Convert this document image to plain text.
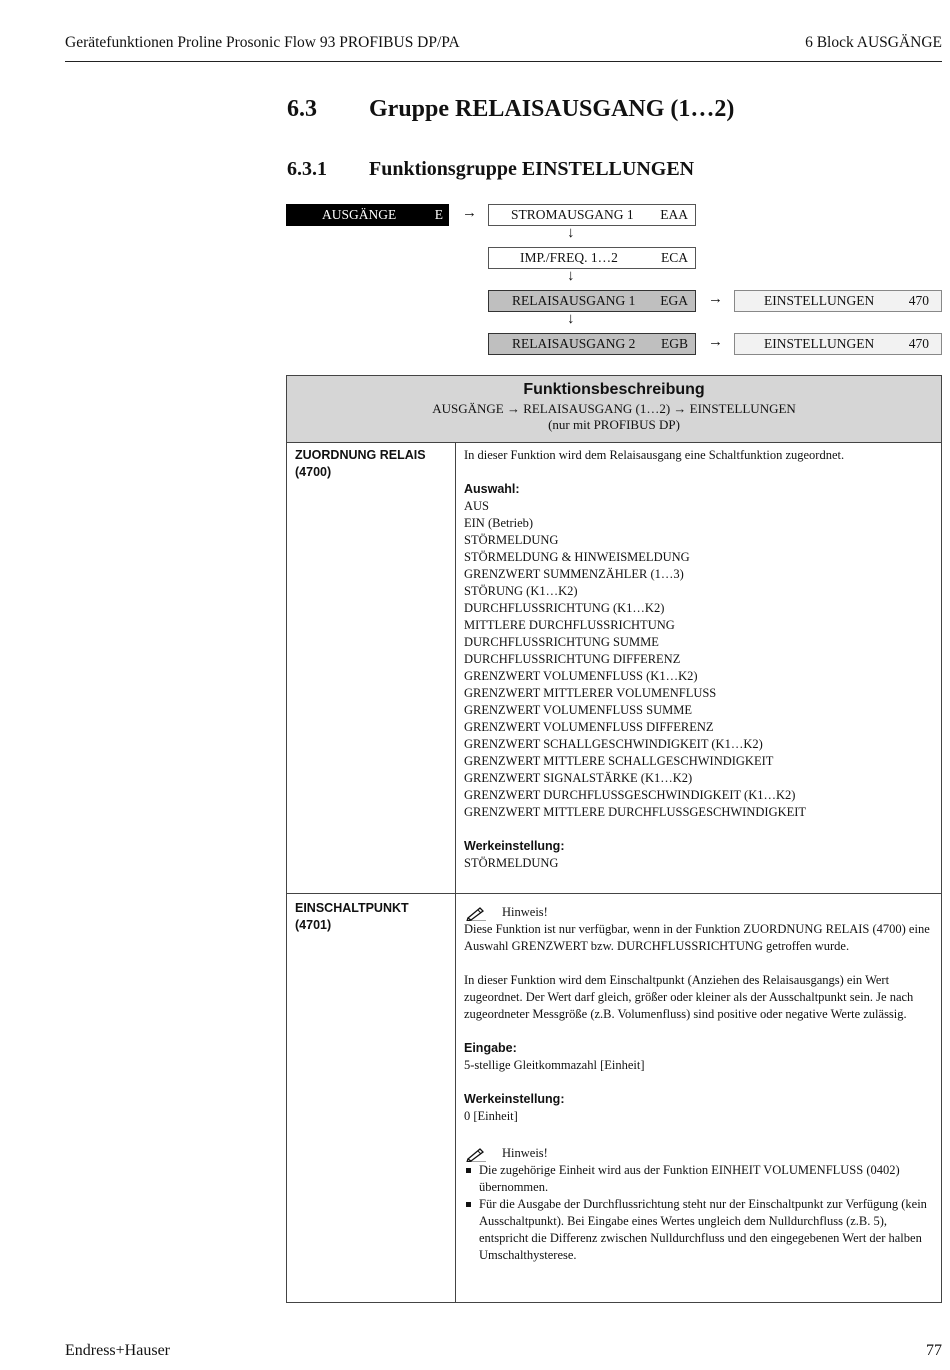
Gerätefunktionen Proline Prosonic Flow 93 PROFIBUS DP/PA	6 Block AUSGÄNGE
6.3 Gruppe RELAISAUSGANG (1…2)
6.3.1 Funktionsgruppe EINSTELLUNGEN
AUSGÄNGE	E →	STROMAUSGANG 1 EAA
↓
IMP./FREQ. 1…2	ECA
↓
RELAISAUSGANG 1 EGA →	EINSTELLUNGEN	470
↓
RELAISAUSGANG 2 EGB →	EINSTELLUNGEN	470
Funktionsbeschreibung
AUSGÄNGE → RELAISAUSGANG (1…2) → EINSTELLUNGEN
(nur mit PROFIBUS DP)
ZUORDNUNG RELAIS
(4700)
In dieser Funktion wird dem Relaisausgang eine Schaltfunktion zugeordnet.
Auswahl:
AUS
EIN (Betrieb)
STÖRMELDUNG
STÖRMELDUNG & HINWEISMELDUNG
GRENZWERT SUMMENZÄHLER (1…3)
STÖRUNG (K1…K2)
DURCHFLUSSRICHTUNG (K1…K2)
MITTLERE DURCHFLUSSRICHTUNG
DURCHFLUSSRICHTUNG SUMME
DURCHFLUSSRICHTUNG DIFFERENZ
GRENZWERT VOLUMENFLUSS (K1…K2)
GRENZWERT MITTLERER VOLUMENFLUSS
GRENZWERT VOLUMENFLUSS SUMME
GRENZWERT VOLUMENFLUSS DIFFERENZ
GRENZWERT SCHALLGESCHWINDIGKEIT (K1…K2)
GRENZWERT MITTLERE SCHALLGESCHWINDIGKEIT
GRENZWERT SIGNALSTÄRKE (K1…K2)
GRENZWERT DURCHFLUSSGESCHWINDIGKEIT (K1…K2)
GRENZWERT MITTLERE DURCHFLUSSGESCHWINDIGKEIT
Werkeinstellung:
STÖRMELDUNG
EINSCHALTPUNKT
(4701)
Hinweis!
Diese Funktion ist nur verfügbar, wenn in der Funktion ZUORDNUNG RELAIS (4700) eine Auswahl GRENZWERT bzw. DURCHFLUSSRICHTUNG getroffen wurde.
In dieser Funktion wird dem Einschaltpunkt (Anziehen des Relaisausgangs) ein Wert zugeordnet. Der Wert darf gleich, größer oder kleiner als der Ausschaltpunkt sein. Je nach zugeordneter Messgröße (z.B. Volumenfluss) sind positive oder negative Werte zulässig.
Eingabe:
5-stellige Gleitkommazahl [Einheit]
Werkeinstellung:
0 [Einheit]
Hinweis!
Die zugehörige Einheit wird aus der Funktion EINHEIT VOLUMENFLUSS (0402) übernommen.
Für die Ausgabe der Durchflussrichtung steht nur der Einschaltpunkt zur Verfügung (kein Ausschaltpunkt). Bei Eingabe eines Wertes ungleich dem Nulldurchfluss (z.B. 5), entspricht die Differenz zwischen Nulldurchfluss und den eingegebenen Wert der halben Umschalthysterese.
Endress+Hauser	77
